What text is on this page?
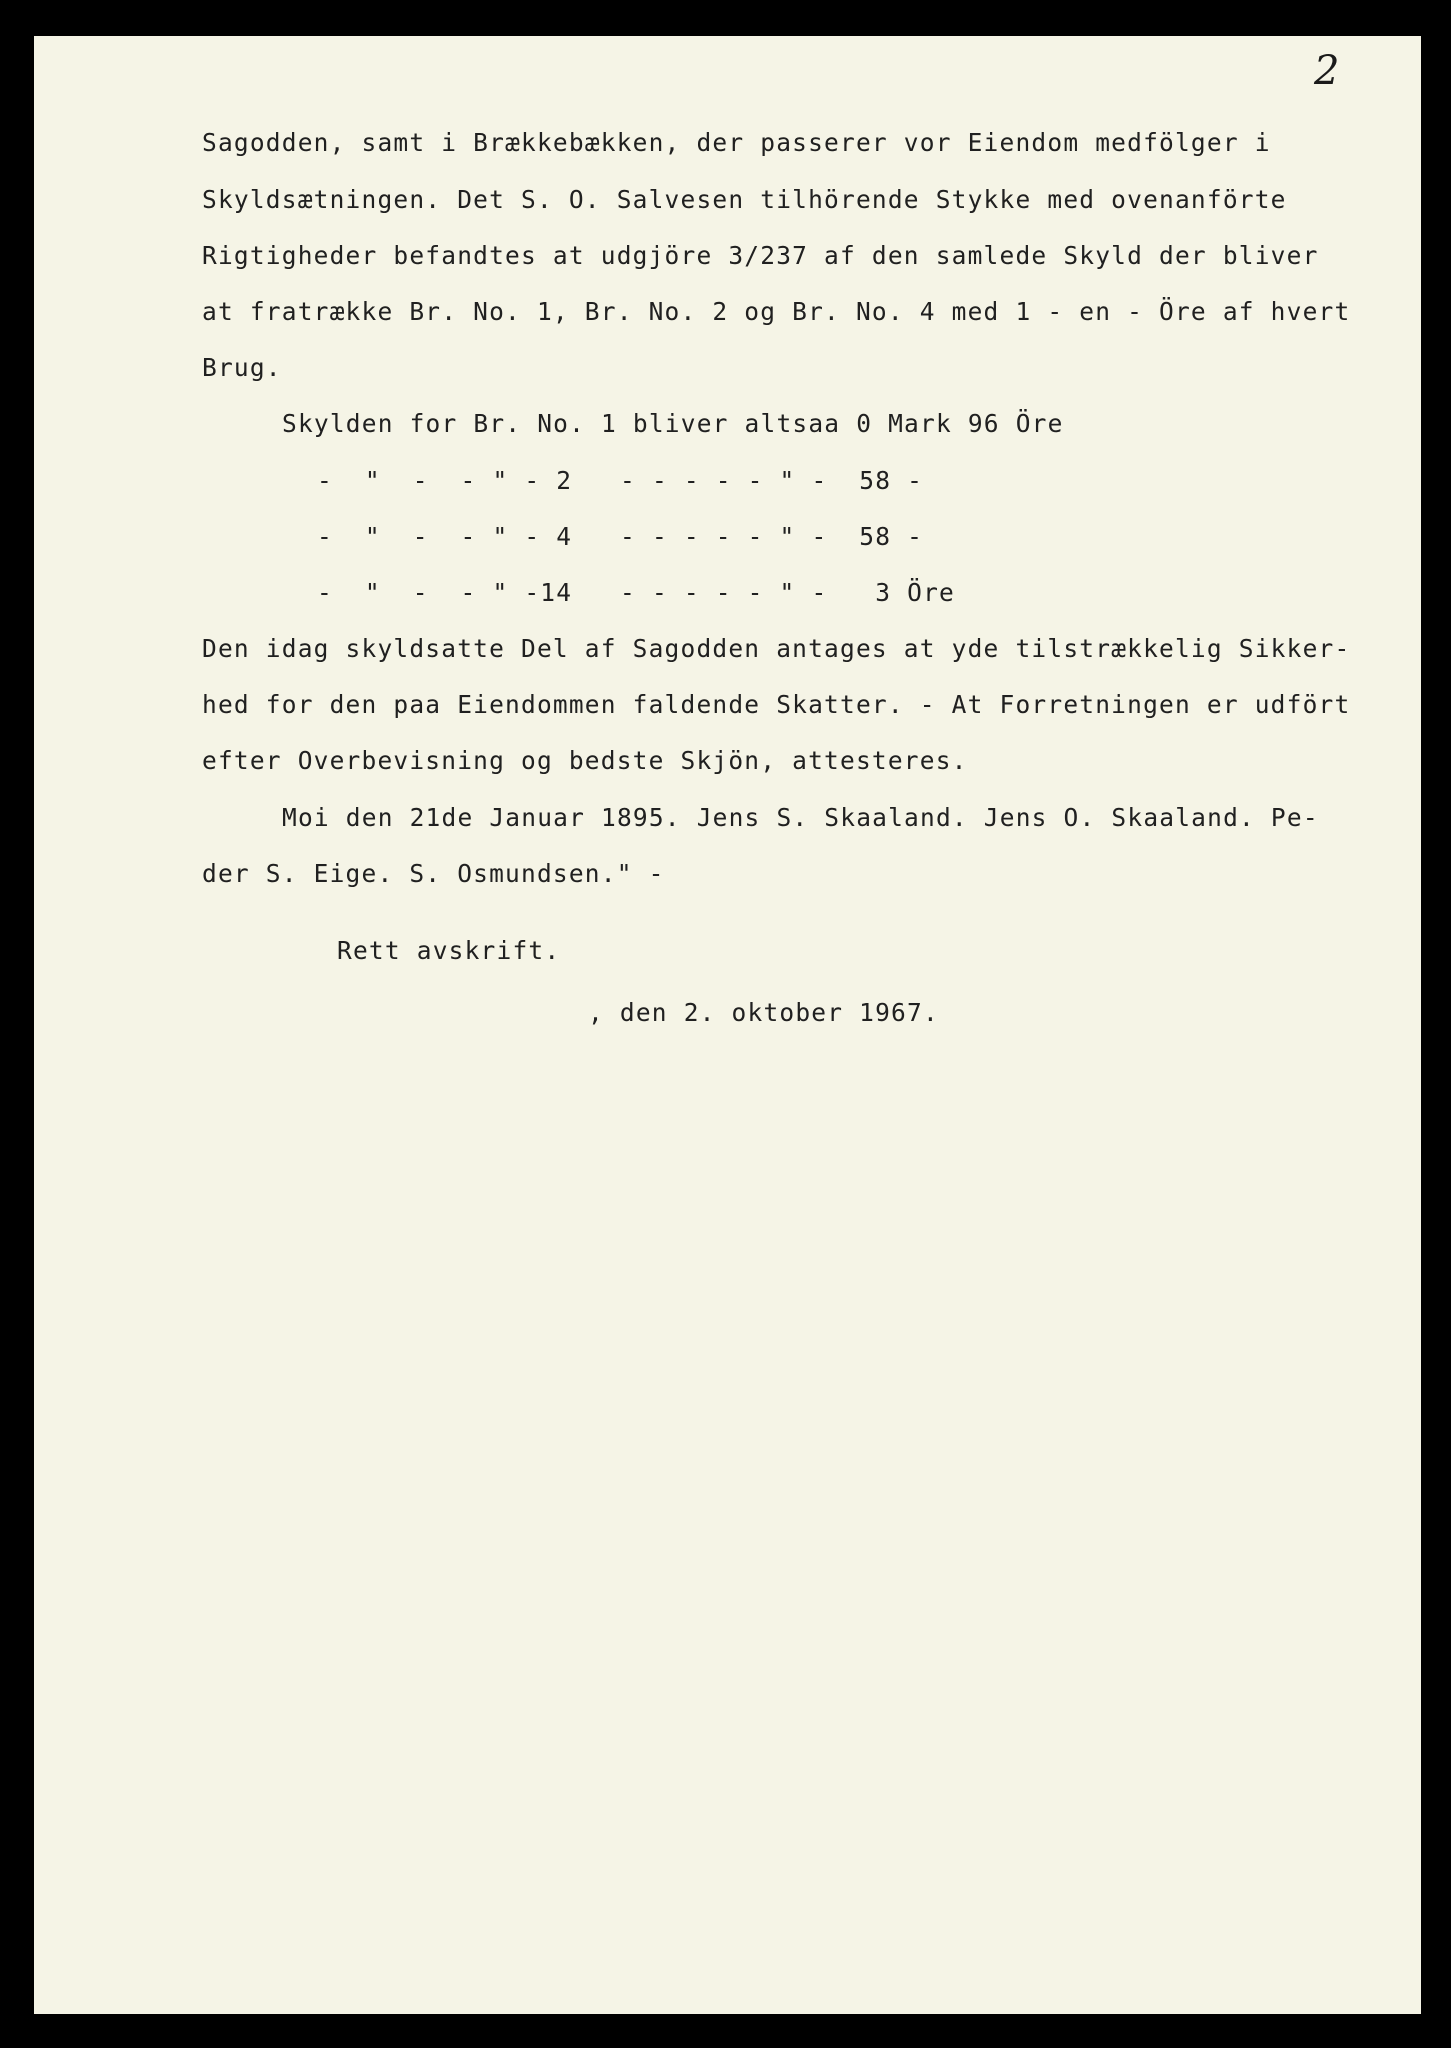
2
Sagodden, samt i Brækkebækken, der passerer vor Eiendom medfölger i
Skyldsætningen. Det S. O. Salvesen tilhörende Stykke med ovenanförte
Rigtigheder befandtes at udgjöre 3/237 af den samlede Skyld der bliver
at fratrække Br. No. 1, Br. No. 2 og Br. No. 4 med 1 - en - Öre af hvert
Brug.
Skylden for Br. No. 1 bliver altsaa 0 Mark 96 Öre
-  "  -  - " - 2   - - - - - " -  58 -
-  "  -  - " - 4   - - - - - " -  58 -
-  "  -  - " -14   - - - - - " -   3 Öre
Den idag skyldsatte Del af Sagodden antages at yde tilstrækkelig Sikker-
hed for den paa Eiendommen faldende Skatter. - At Forretningen er udfört
efter Overbevisning og bedste Skjön, attesteres.
Moi den 21de Januar 1895. Jens S. Skaaland. Jens O. Skaaland. Pe-
der S. Eige. S. Osmundsen." -
Rett avskrift.
, den 2. oktober 1967.
